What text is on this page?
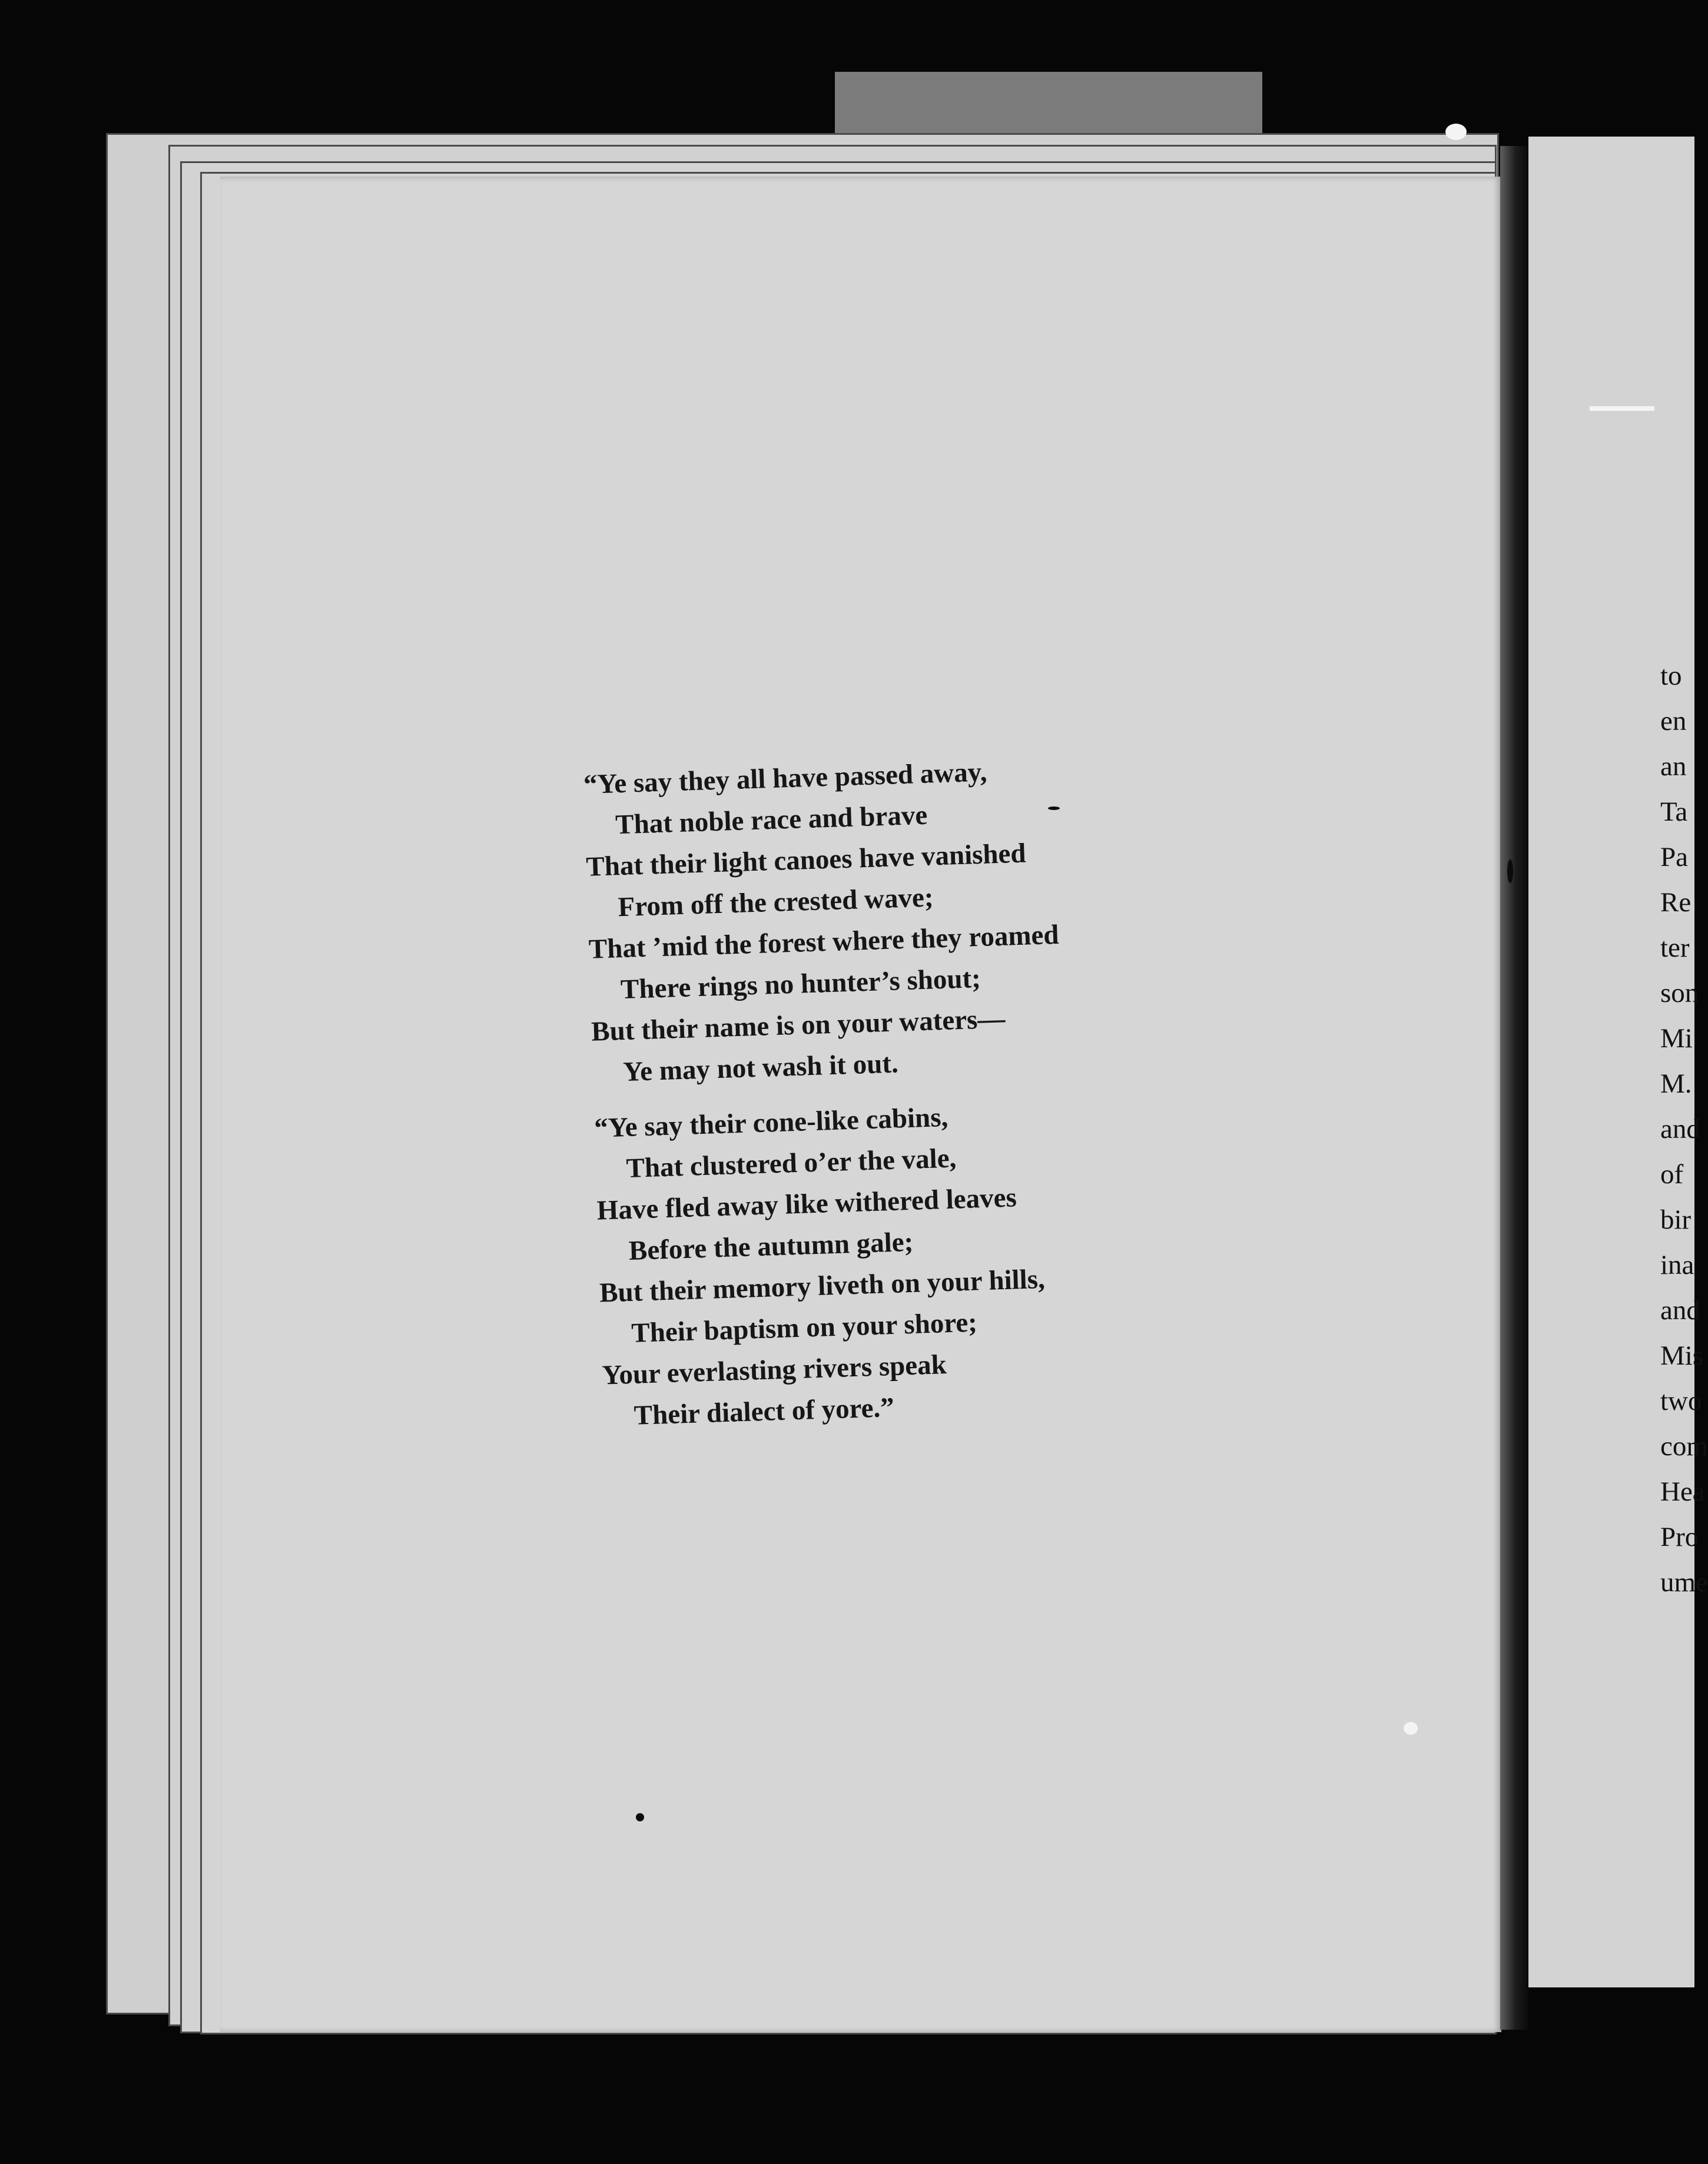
to
en
an
Ta
Pa
Re
ter
son
Mi
M.
and
of
bir
ina
and
Mis
two
com
Hea
Pro
ume
“Ye say they all have passed away,
That noble race and brave
That their light canoes have vanished
From off the crested wave;
That ’mid the forest where they roamed
There rings no hunter’s shout;
But their name is on your waters—
Ye may not wash it out.
“Ye say their cone-like cabins,
That clustered o’er the vale,
Have fled away like withered leaves
Before the autumn gale;
But their memory liveth on your hills,
Their baptism on your shore;
Your everlasting rivers speak
Their dialect of yore.”
